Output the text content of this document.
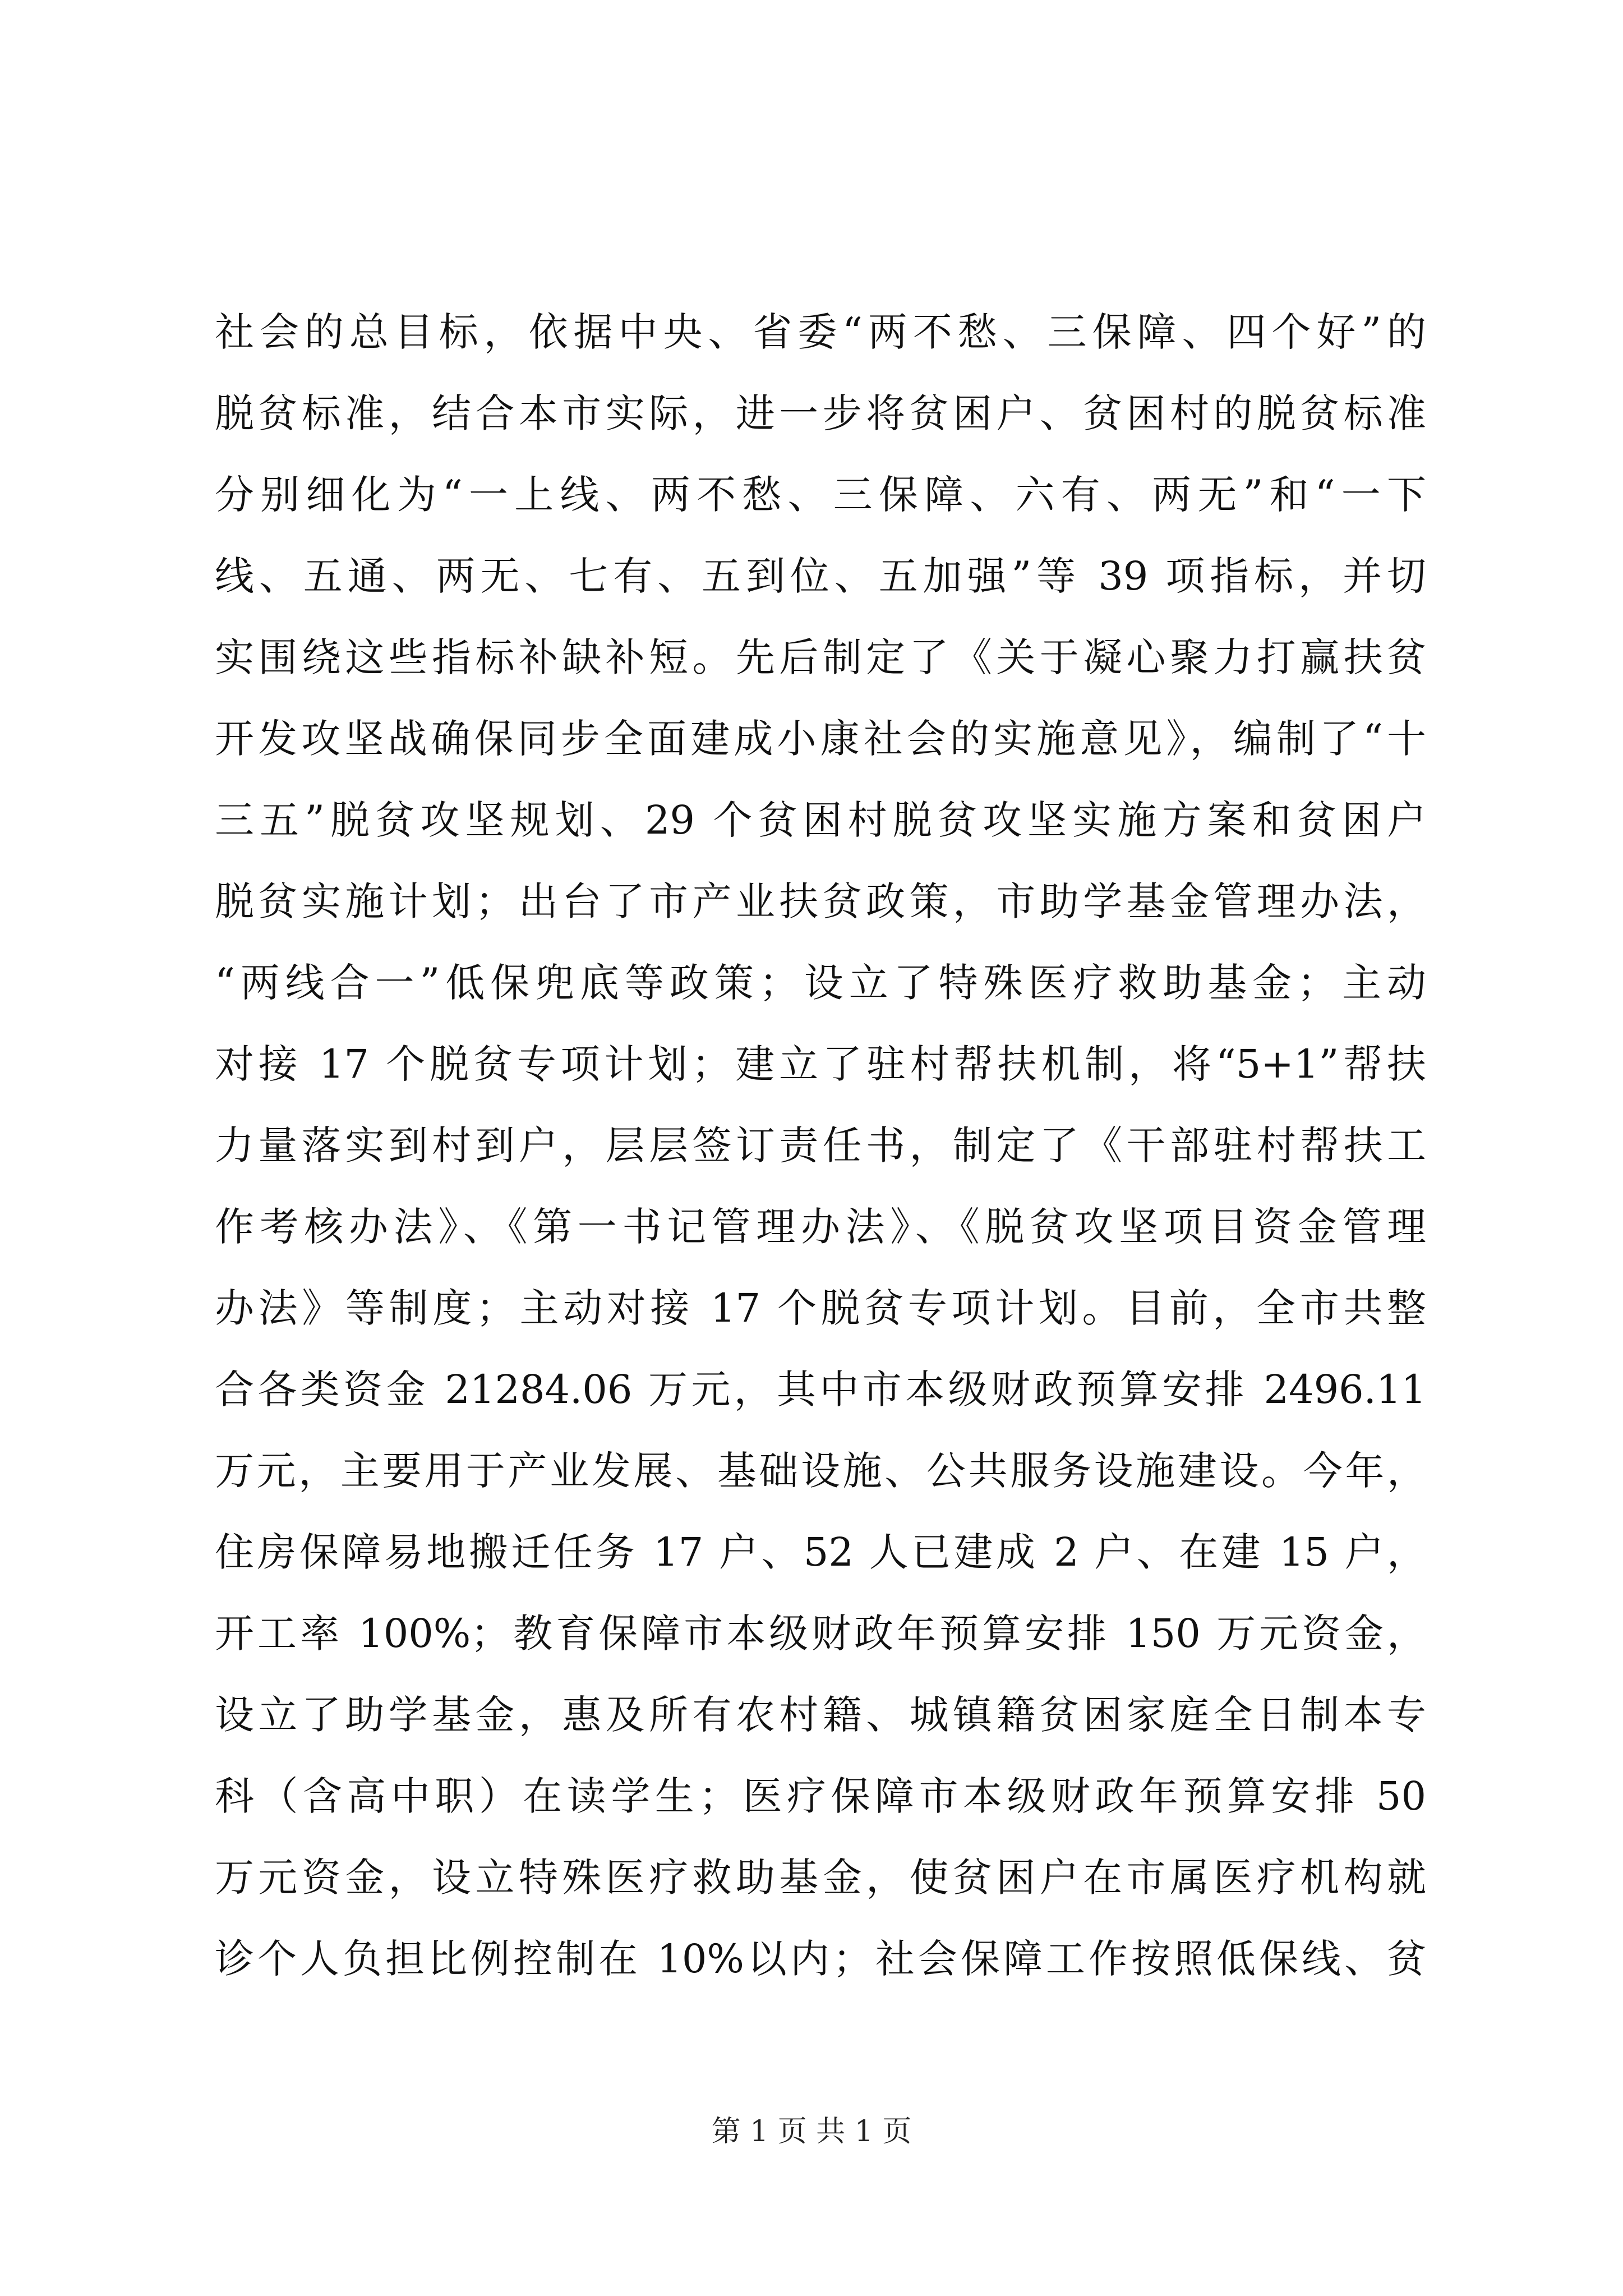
社会的总目标，依据中央、省委“两不愁、三保障、四个好”的
脱贫标准，结合本市实际，进一步将贫困户、贫困村的脱贫标准
分别细化为“一上线、两不愁、三保障、六有、两无”和“一下
线、五通、两无、七有、五到位、五加强”等 39 项指标，并切
实围绕这些指标补缺补短。先后制定了《关于凝心聚力打赢扶贫
开发攻坚战确保同步全面建成小康社会的实施意见》，编制了“十
三五”脱贫攻坚规划、29 个贫困村脱贫攻坚实施方案和贫困户
脱贫实施计划；出台了市产业扶贫政策，市助学基金管理办法，
“两线合一”低保兜底等政策；设立了特殊医疗救助基金；主动
对接 17 个脱贫专项计划；建立了驻村帮扶机制，将“5+1”帮扶
力量落实到村到户，层层签订责任书，制定了《干部驻村帮扶工
作考核办法》、《第一书记管理办法》、《脱贫攻坚项目资金管理
办法》等制度；主动对接 17 个脱贫专项计划。目前，全市共整
合各类资金 21284.06 万元，其中市本级财政预算安排 2496.11
万元，主要用于产业发展、基础设施、公共服务设施建设。今年，
住房保障易地搬迁任务 17 户、52 人已建成 2 户、在建 15 户，
开工率 100%；教育保障市本级财政年预算安排 150 万元资金，
设立了助学基金，惠及所有农村籍、城镇籍贫困家庭全日制本专
科（含高中职）在读学生；医疗保障市本级财政年预算安排 50
万元资金，设立特殊医疗救助基金，使贫困户在市属医疗机构就
诊个人负担比例控制在 10%以内；社会保障工作按照低保线、贫
第 1 页 共 1 页
